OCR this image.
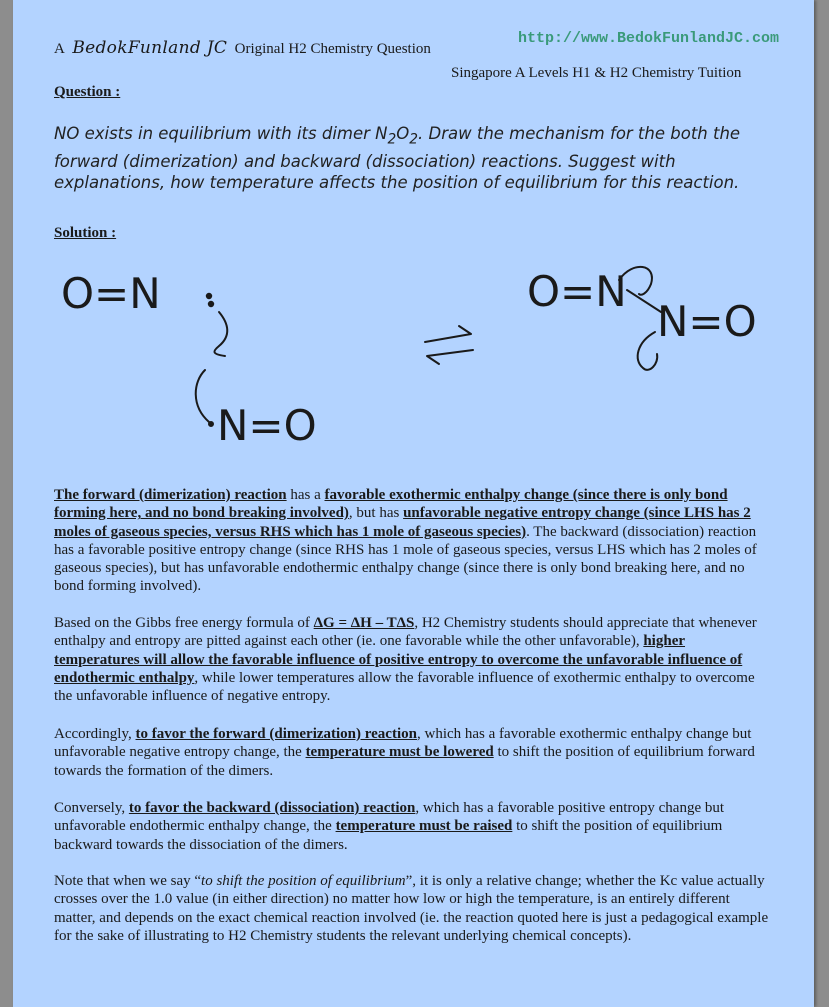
A BedokFunland JC Original H2 Chemistry Question
http://www.BedokFunlandJC.com
Singapore A Levels H1 & H2 Chemistry Tuition
Question :
NO exists in equilibrium with its dimer $N_2O_2$. Draw the mechanism for the both the forward (dimerization) and backward (dissociation) reactions. Suggest with explanations, how temperature affects the position of equilibrium for this reaction.
Solution :
O=N
N=O
O=N
N=O
The forward (dimerization) reaction has a favorable exothermic enthalpy change (since there is only bond forming here, and no bond breaking involved), but has unfavorable negative entropy change (since LHS has 2 moles of gaseous species, versus RHS which has 1 mole of gaseous species). The backward (dissociation) reaction has a favorable positive entropy change (since RHS has 1 mole of gaseous species, versus LHS which has 2 moles of gaseous species), but has unfavorable endothermic enthalpy change (since there is only bond breaking here, and no bond forming involved).
Based on the Gibbs free energy formula of ΔG = ΔH – TΔS, H2 Chemistry students should appreciate that whenever enthalpy and entropy are pitted against each other (ie. one favorable while the other unfavorable), higher temperatures will allow the favorable influence of positive entropy to overcome the unfavorable influence of endothermic enthalpy, while lower temperatures allow the favorable influence of exothermic enthalpy to overcome the unfavorable influence of negative entropy.
Accordingly, to favor the forward (dimerization) reaction, which has a favorable exothermic enthalpy change but unfavorable negative entropy change, the temperature must be lowered to shift the position of equilibrium forward towards the formation of the dimers.
Conversely, to favor the backward (dissociation) reaction, which has a favorable positive entropy change but unfavorable endothermic enthalpy change, the temperature must be raised to shift the position of equilibrium backward towards the dissociation of the dimers.
Note that when we say “to shift the position of equilibrium”, it is only a relative change; whether the Kc value actually crosses over the 1.0 value (in either direction) no matter how low or high the temperature, is an entirely different matter, and depends on the exact chemical reaction involved (ie. the reaction quoted here is just a pedagogical example for the sake of illustrating to H2 Chemistry students the relevant underlying chemical concepts).
